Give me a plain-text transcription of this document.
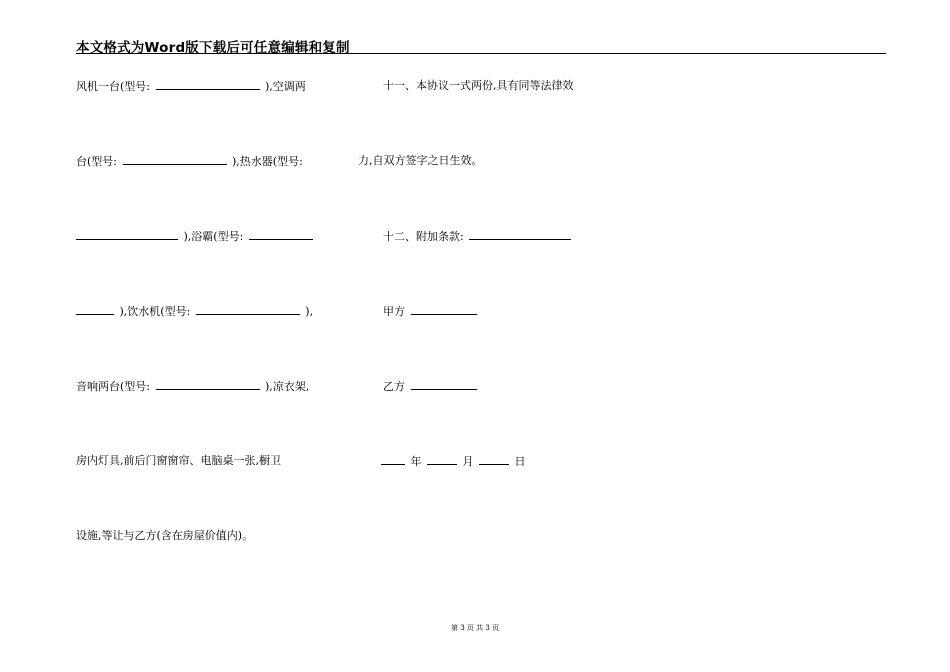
本文格式为Word版下载后可任意编辑和复制
风机一台(型号:	),空调两
台(型号:	),热水器(型号:
),浴霸(型号:
),饮水机(型号:	),
音响两台(型号:	),凉衣架,
房内灯具,前后门窗窗帘、电脑桌一张,橱卫
设施,等让与乙方(含在房屋价值内)。
十一、本协议一式两份,具有同等法律效
力,自双方签字之日生效。
十二、附加条款:
甲方
乙方
年	月	日
第 3 页 共 3 页
